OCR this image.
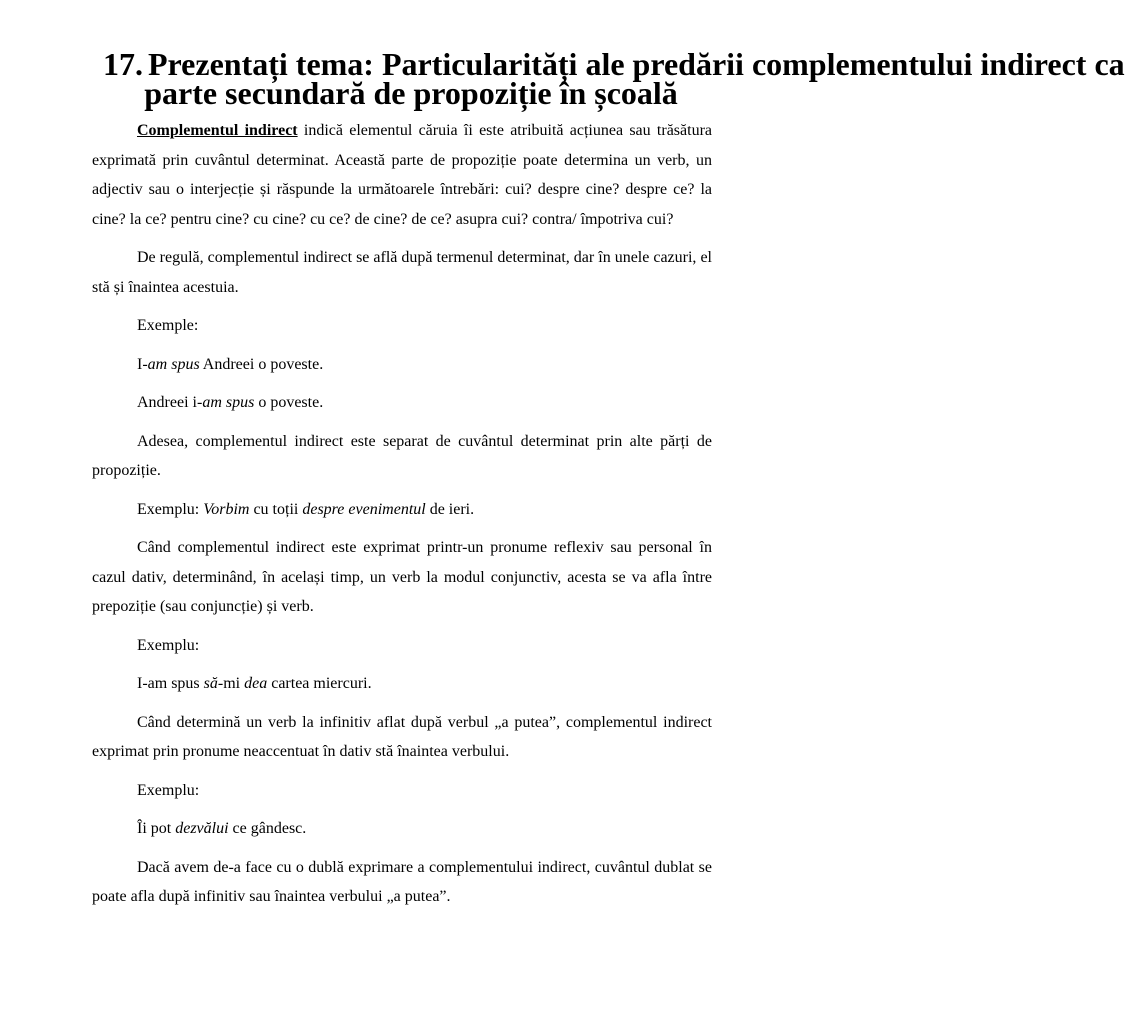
17. Prezentați tema: Particularități ale predării complementului indirect ca
parte secundară de propoziție în școală

Complementul indirect indică elementul căruia îi este atribuită acțiunea sau trăsătura exprimată prin cuvântul determinat. Această parte de propoziție poate determina un verb, un adjectiv sau o interjecție și răspunde la următoarele întrebări: cui? despre cine? despre ce? la cine? la ce? pentru cine? cu cine? cu ce? de cine? de ce? asupra cui? contra/ împotriva cui?

De regulă, complementul indirect se află după termenul determinat, dar în unele cazuri, el stă și înaintea acestuia.

Exemple:

I-am spus Andreei o poveste.

Andreei i-am spus o poveste.

Adesea, complementul indirect este separat de cuvântul determinat prin alte părți de propoziție.

Exemplu: Vorbim cu toții despre evenimentul de ieri.

Când complementul indirect este exprimat printr-un pronume reflexiv sau personal în cazul dativ, determinând, în același timp, un verb la modul conjunctiv, acesta se va afla între prepoziție (sau conjuncție) și verb.

Exemplu:

I-am spus să-mi dea cartea miercuri.

Când determină un verb la infinitiv aflat după verbul „a putea”, complementul indirect exprimat prin pronume neaccentuat în dativ stă înaintea verbului.

Exemplu:

Îi pot dezvălui ce gândesc.

Dacă avem de-a face cu o dublă exprimare a complementului indirect, cuvântul dublat se poate afla după infinitiv sau înaintea verbului „a putea”.
